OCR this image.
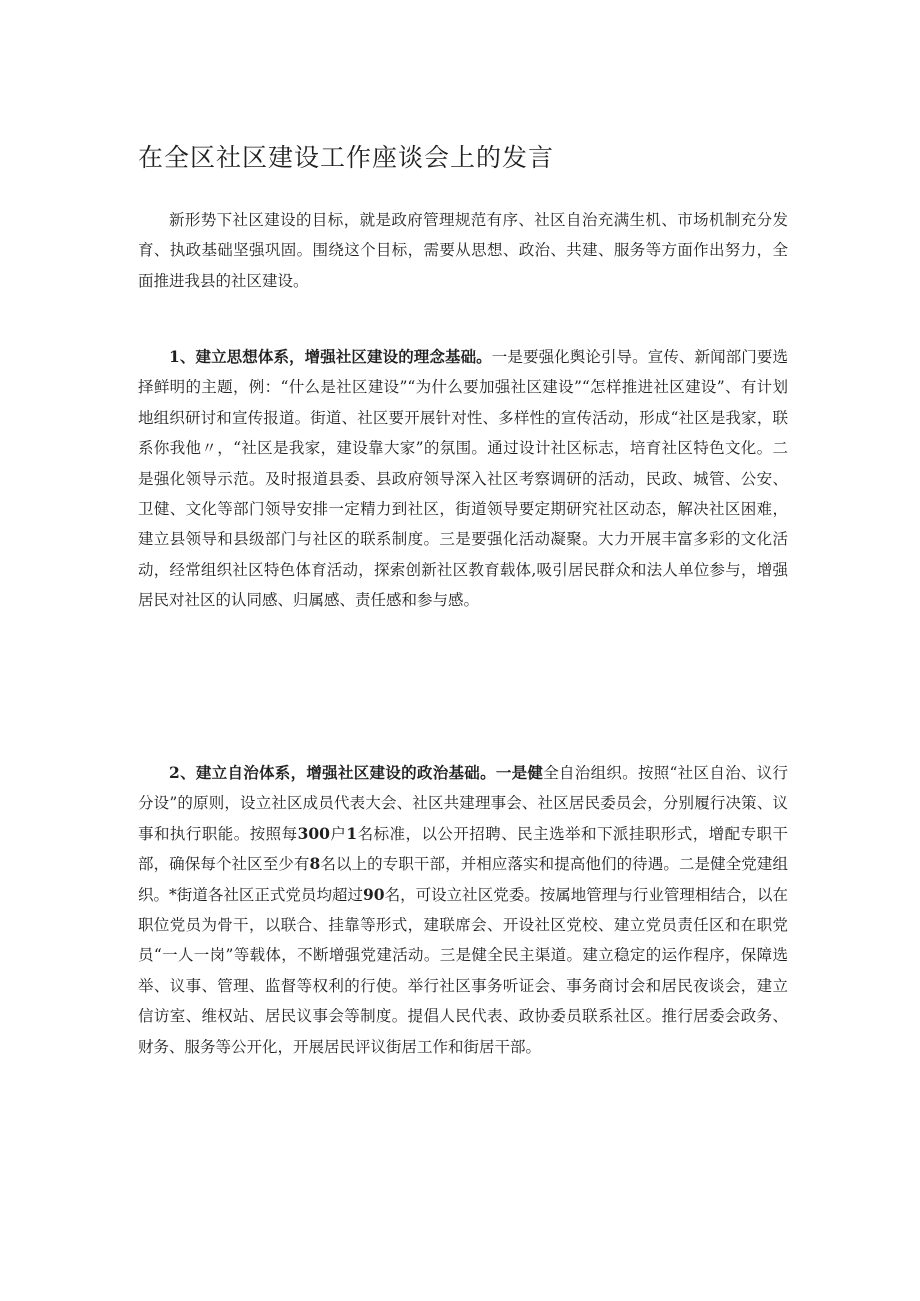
在全区社区建设工作座谈会上的发言

新形势下社区建设的目标，就是政府管理规范有序、社区自治充满生机、市场机制充分发育、执政基础坚强巩固。围绕这个目标，需要从思想、政治、共建、服务等方面作出努力，全面推进我县的社区建设。

1、建立思想体系，增强社区建设的理念基础。一是要强化舆论引导。宣传、新闻部门要选择鲜明的主题，例：“什么是社区建设”“为什么要加强社区建设”“怎样推进社区建设”、有计划地组织研讨和宣传报道。街道、社区要开展针对性、多样性的宣传活动，形成“社区是我家，联系你我他〃，“社区是我家，建设靠大家”的氛围。通过设计社区标志，培育社区特色文化。二是强化领导示范。及时报道县委、县政府领导深入社区考察调研的活动，民政、城管、公安、卫健、文化等部门领导安排一定精力到社区，街道领导要定期研究社区动态，解决社区困难，建立县领导和县级部门与社区的联系制度。三是要强化活动凝聚。大力开展丰富多彩的文化活动，经常组织社区特色体育活动，探索创新社区教育载体,吸引居民群众和法人单位参与，增强居民对社区的认同感、归属感、责任感和参与感。

2、建立自治体系，增强社区建设的政治基础。一是健全自治组织。按照“社区自治、议行分设”的原则，设立社区成员代表大会、社区共建理事会、社区居民委员会，分别履行决策、议事和执行职能。按照每300户1名标准，以公开招聘、民主选举和下派挂职形式，增配专职干部，确保每个社区至少有8名以上的专职干部，并相应落实和提高他们的待遇。二是健全党建组织。*街道各社区正式党员均超过90名，可设立社区党委。按属地管理与行业管理相结合，以在职位党员为骨干，以联合、挂靠等形式，建联席会、开设社区党校、建立党员责任区和在职党员“一人一岗”等载体，不断增强党建活动。三是健全民主渠道。建立稳定的运作程序，保障选举、议事、管理、监督等权利的行使。举行社区事务听证会、事务商讨会和居民夜谈会，建立信访室、维权站、居民议事会等制度。提倡人民代表、政协委员联系社区。推行居委会政务、财务、服务等公开化，开展居民评议街居工作和街居干部。
